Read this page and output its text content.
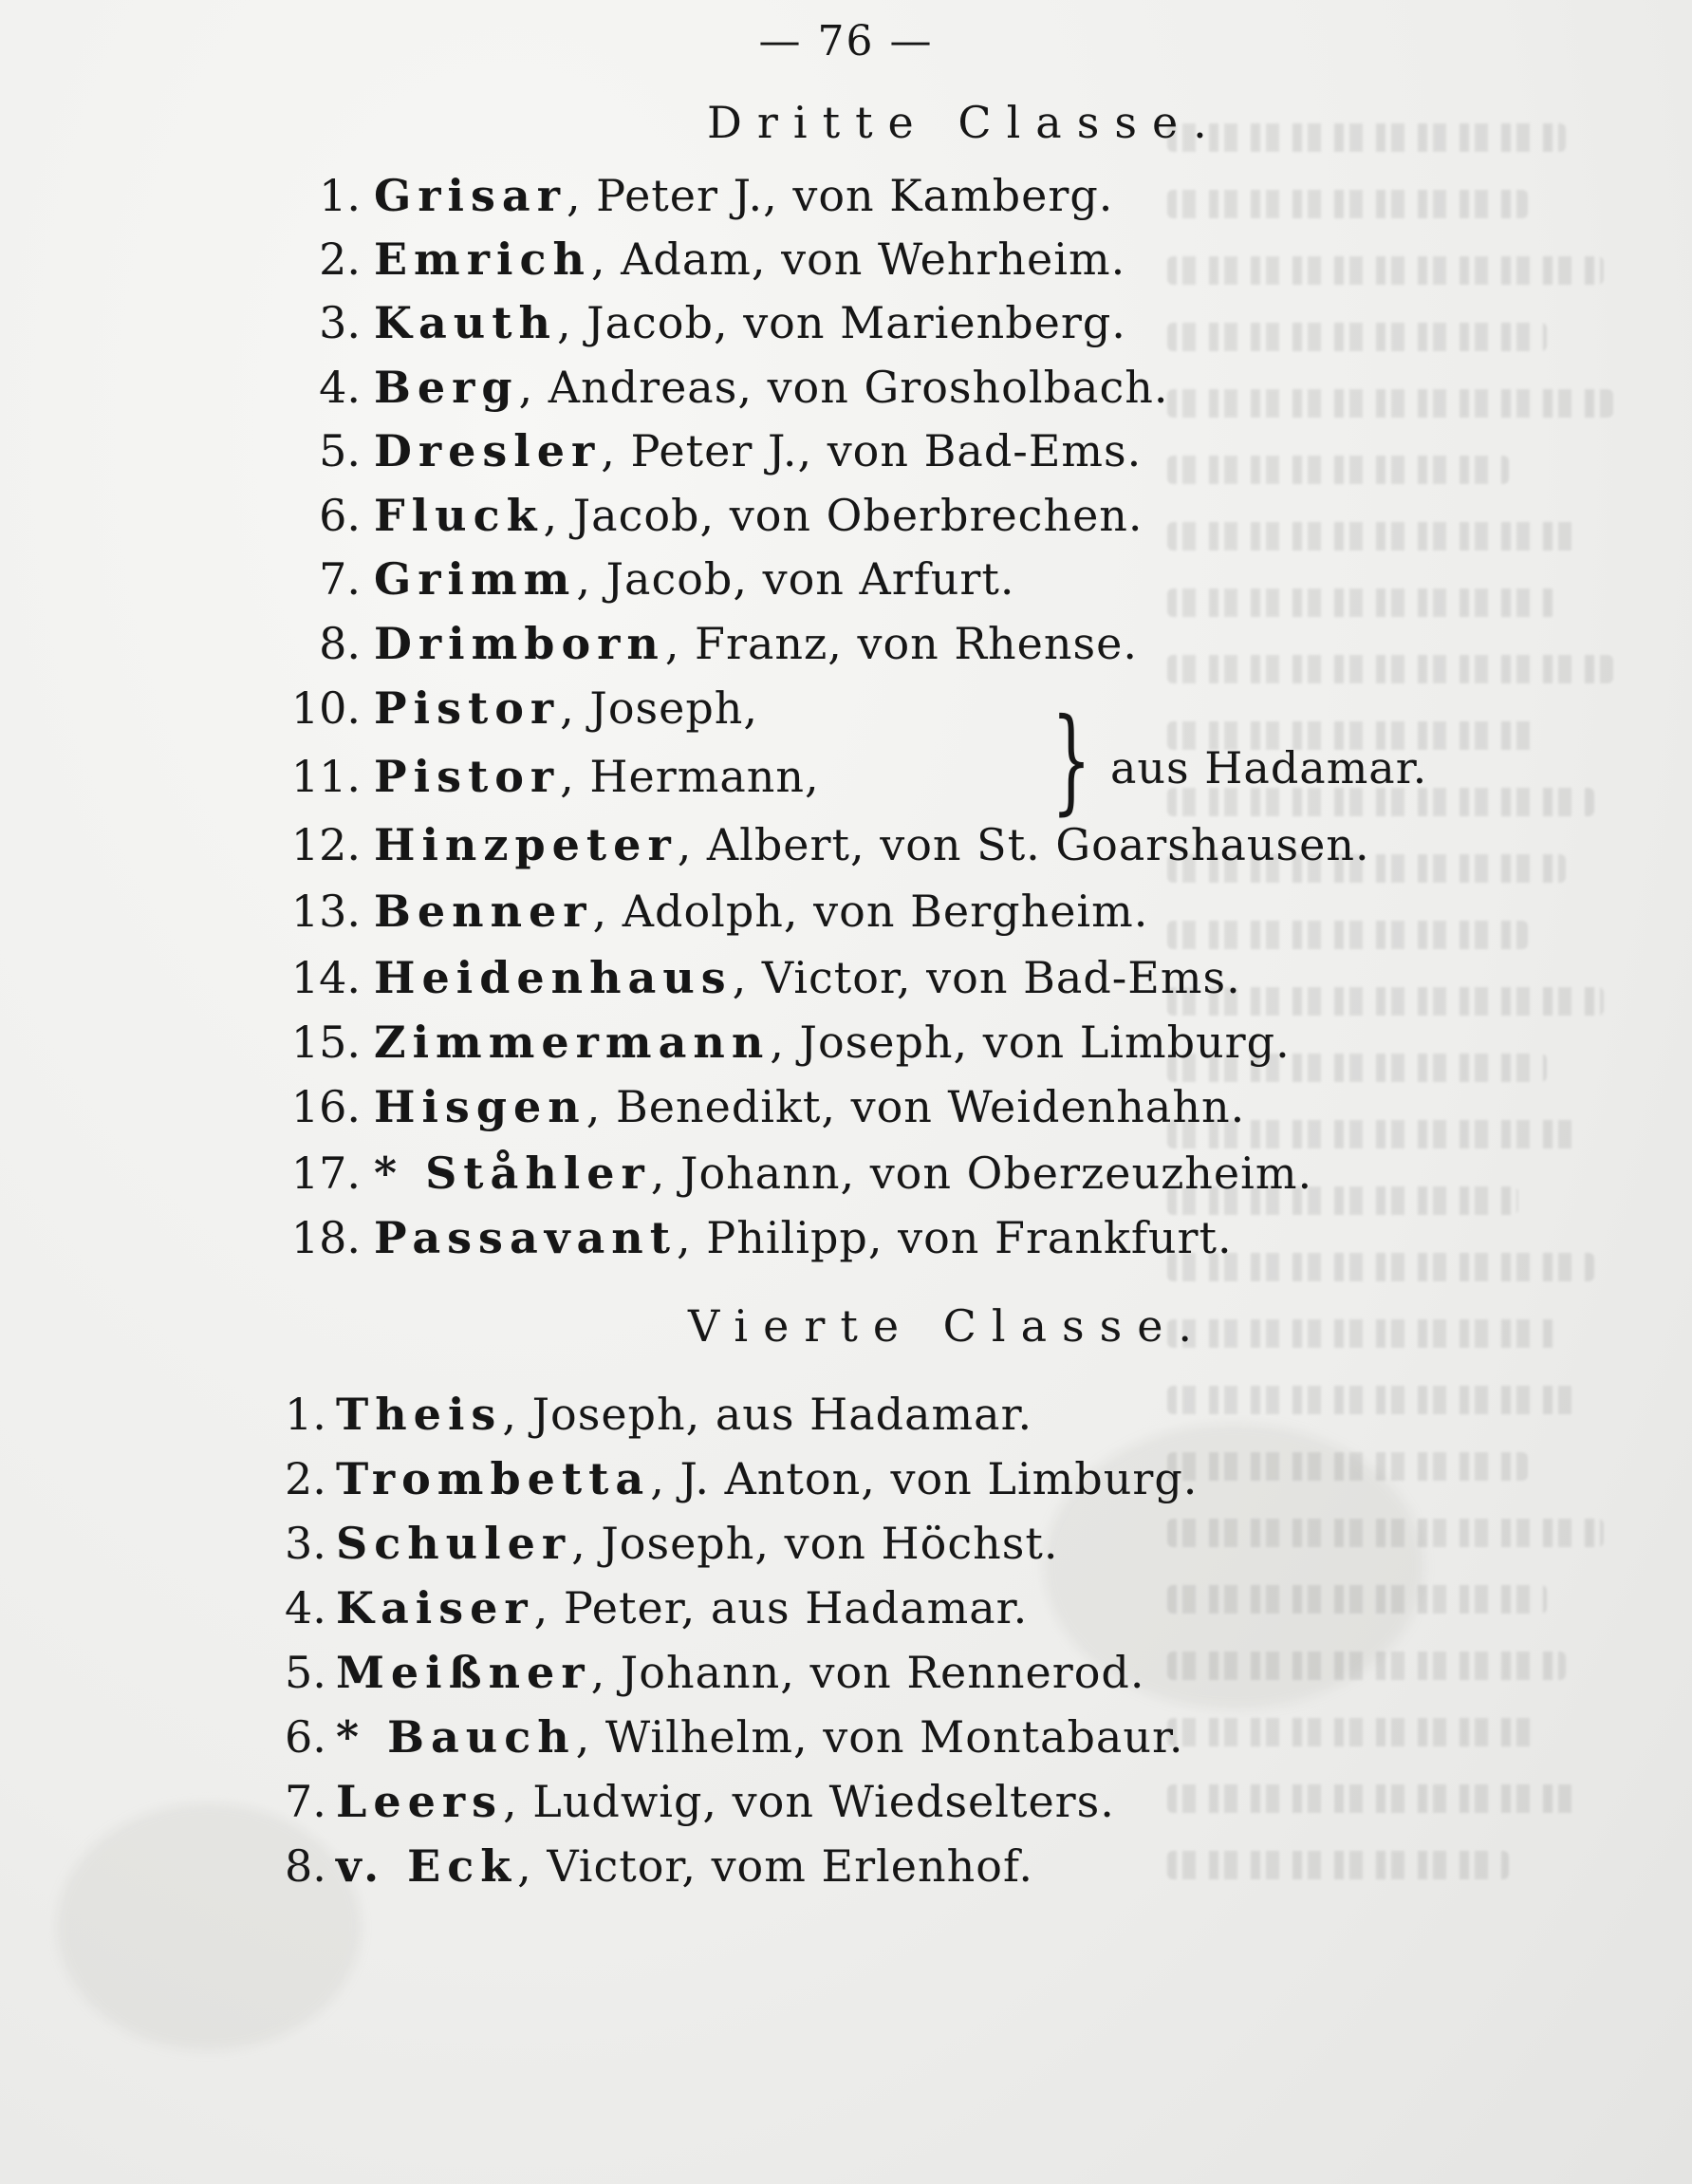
— 76 —
Dritte Classe.
1. Grisar, Peter J., von Kamberg.
2. Emrich, Adam, von Wehrheim.
3. Kauth, Jacob, von Marienberg.
4. Berg, Andreas, von Grosholbach.
5. Dresler, Peter J., von Bad-Ems.
6. Fluck, Jacob, von Oberbrechen.
7. Grimm, Jacob, von Arfurt.
8. Drimborn, Franz, von Rhense.
10. Pistor, Joseph,
11. Pistor, Hermann, } aus Hadamar.
12. Hinzpeter, Albert, von St. Goarshausen.
13. Benner, Adolph, von Bergheim.
14. Heidenhaus, Victor, von Bad-Ems.
15. Zimmermann, Joseph, von Limburg.
16. Hisgen, Benedikt, von Weidenhahn.
17. * Ståhler, Johann, von Oberzeuzheim.
18. Passavant, Philipp, von Frankfurt.
Vierte Classe.
1. Theis, Joseph, aus Hadamar.
2. Trombetta, J. Anton, von Limburg.
3. Schuler, Joseph, von Höchst.
4. Kaiser, Peter, aus Hadamar.
5. Meißner, Johann, von Rennerod.
6. * Bauch, Wilhelm, von Montabaur.
7. Leers, Ludwig, von Wiedselters.
8. v. Eck, Victor, vom Erlenhof.
